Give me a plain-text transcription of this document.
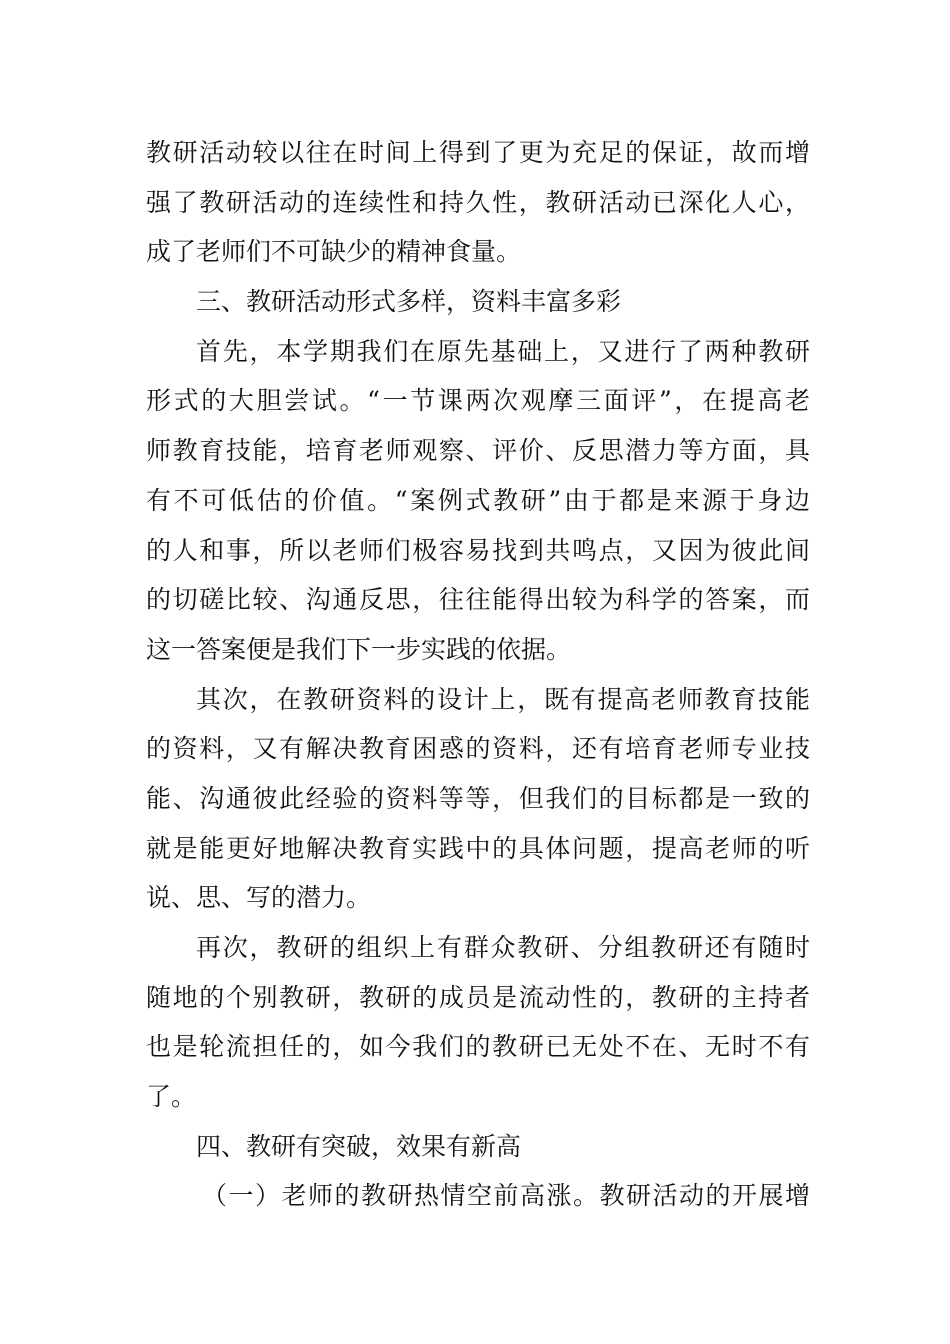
教研活动较以往在时间上得到了更为充足的保证，故而增
强了教研活动的连续性和持久性，教研活动已深化人心，
成了老师们不可缺少的精神食量。
三、教研活动形式多样，资料丰富多彩
首先，本学期我们在原先基础上，又进行了两种教研
形式的大胆尝试。“一节课两次观摩三面评”，在提高老
师教育技能，培育老师观察、评价、反思潜力等方面，具
有不可低估的价值。“案例式教研”由于都是来源于身边
的人和事，所以老师们极容易找到共鸣点，又因为彼此间
的切磋比较、沟通反思，往往能得出较为科学的答案，而
这一答案便是我们下一步实践的依据。
其次，在教研资料的设计上，既有提高老师教育技能
的资料，又有解决教育困惑的资料，还有培育老师专业技
能、沟通彼此经验的资料等等，但我们的目标都是一致的
就是能更好地解决教育实践中的具体问题，提高老师的听
说、思、写的潜力。
再次，教研的组织上有群众教研、分组教研还有随时
随地的个别教研，教研的成员是流动性的，教研的主持者
也是轮流担任的，如今我们的教研已无处不在、无时不有
了。
四、教研有突破，效果有新高
（一）老师的教研热情空前高涨。教研活动的开展增
